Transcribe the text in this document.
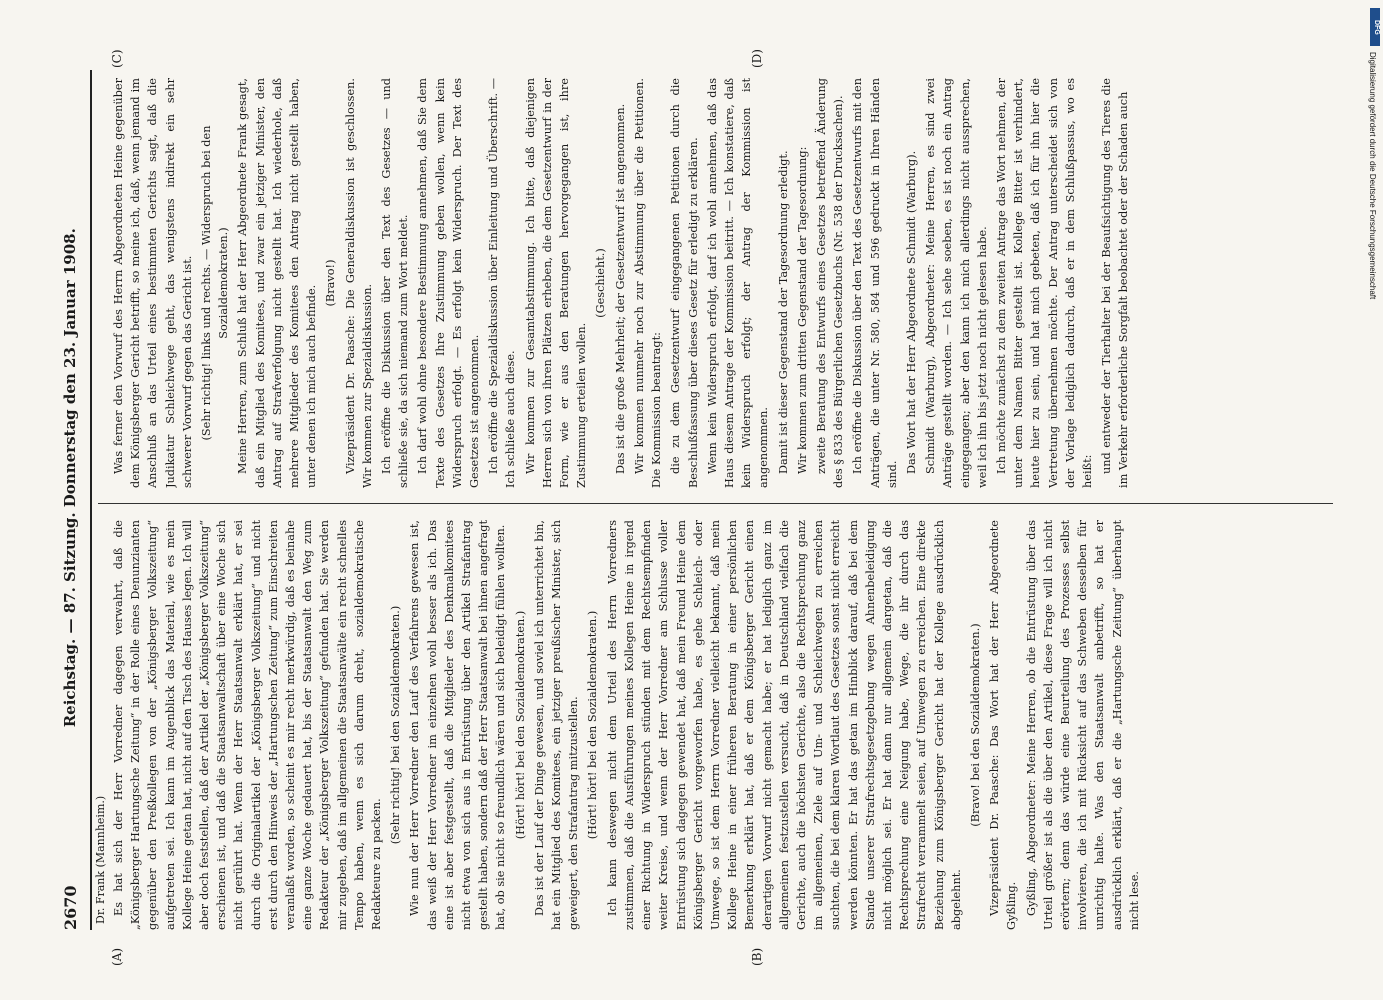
2670
Reichstag. — 87. Sitzung. Donnerstag den 23. Januar 1908.
Dr. Frank (Mannheim.)
(A)	(B)
(C)	(D)

Es hat sich der Herr Vorredner dagegen verwahrt, daß die „Königsberger Hartungsche Zeitung“ in der Rolle eines Denunzianten gegenüber den Preßkollegen von der „Königsberger Volkszeitung“ aufgetreten sei. Ich kann im Augenblick das Material, wie es mein Kollege Heine getan hat, nicht auf den Tisch des Hauses legen. Ich will aber doch feststellen, daß der Artikel der „Königsberger Volkszeitung“ erschienen ist, und daß die Staatsanwaltschaft über eine Woche sich nicht gerührt hat. Wenn der Herr Staatsanwalt erklärt hat, er sei durch die Originalartikel der „Königsberger Volkszeitung“ und nicht erst durch den Hinweis der „Hartungschen Zeitung“ zum Einschreiten veranlaßt worden, so scheint es mir recht merkwürdig, daß es beinahe eine ganze Woche gedauert hat, bis der Staatsanwalt den Weg zum Redakteur der „Königsberger Volkszeitung“ gefunden hat. Sie werden mir zugeben, daß im allgemeinen die Staatsanwälte ein recht schnelles Tempo haben, wenn es sich darum dreht, sozialdemokratische Redakteure zu packen.

(Sehr richtig! bei den Sozialdemokraten.) Wie nun der Herr Vorredner den Lauf des Verfahrens gewesen ist, das weiß der Herr Vorredner im einzelnen wohl besser als ich. Das eine ist aber festgestellt, daß die Mitglieder des Denkmalkomitees nicht etwa von sich aus in Entrüstung über den Artikel Strafantrag gestellt haben, sondern daß der Herr Staatsanwalt bei ihnen angefragt hat, ob sie nicht so freundlich wären und sich beleidigt fühlen wollten. (Hört! hört! bei den Sozialdemokraten.) Das ist der Lauf der Dinge gewesen, und soviel ich unterrichtet bin, hat ein Mitglied des Komitees, ein jetziger preußischer Minister, sich geweigert, den Strafantrag mitzustellen. (Hört! hört! bei den Sozialdemokraten.) Ich kann deswegen nicht dem Urteil des Herrn Vorredners zustimmen, daß die Ausführungen meines Kollegen Heine in irgend einer Richtung in Widerspruch stünden mit dem Rechtsempfinden weiter Kreise, und wenn der Herr Vorredner am Schlusse voller Entrüstung sich dagegen gewendet hat, daß mein Freund Heine dem Königsberger Gericht vorgeworfen habe, es gehe Schleich- oder Umwege, so ist dem Herrn Vorredner vielleicht bekannt, daß mein Kollege Heine in einer früheren Beratung in einer persönlichen Bemerkung erklärt hat, daß er dem Königsberger Gericht einen derartigen Vorwurf nicht gemacht habe; er hat lediglich ganz im allgemeinen festzustellen versucht, daß in Deutschland vielfach die Gerichte, auch die höchsten Gerichte, also die Rechtsprechung ganz im allgemeinen, Ziele auf Um- und Schleichwegen zu erreichen suchten, die bei dem klaren Wortlaut des Gesetzes sonst nicht erreicht werden könnten. Er hat das getan im Hinblick darauf, daß bei dem Stande unserer Strafrechtsgesetzgebung wegen Ahnenbeleidigung nicht möglich sei. Er hat dann nur allgemein dargetan, daß die Rechtsprechung eine Neigung habe, Wege, die ihr durch das Strafrecht verrammelt seien, auf Umwegen zu erreichen. Eine direkte Beziehung zum Königsberger Gericht hat der Kollege ausdrücklich abgelehnt.

(Bravo! bei den Sozialdemokraten.) Vizepräsident Dr. Paasche: Das Wort hat der Herr Abgeordnete Gyßling. Gyßling, Abgeordneter: Meine Herren, ob die Entrüstung über das Urteil größer ist als die über den Artikel, diese Frage will ich nicht erörtern; denn das würde eine Beurteilung des Prozesses selbst involvieren, die ich mit Rücksicht auf das Schweben desselben für unrichtig halte. Was den Staatsanwalt anbetrifft, so hat er ausdrücklich erklärt, daß er die „Hartungsche Zeitung“ überhaupt nicht lese.

Was ferner den Vorwurf des Herrn Abgeordneten Heine gegenüber dem Königsberger Gericht betrifft, so meine ich, daß, wenn jemand im Anschluß an das Urteil eines bestimmten Gerichts sagt, daß die Judikatur Schleichwege geht, das wenigstens indirekt ein sehr schwerer Vorwurf gegen das Gericht ist. (Sehr richtig! links und rechts. — Widerspruch bei den Sozialdemokraten.) Meine Herren, zum Schluß hat der Herr Abgeordnete Frank gesagt, daß ein Mitglied des Komitees, und zwar ein jetziger Minister, den Antrag auf Strafverfolgung nicht gestellt hat. Ich wiederhole, daß mehrere Mitglieder des Komitees den Antrag nicht gestellt haben, unter denen ich mich auch befinde.

(Bravo!) Vizepräsident Dr. Paasche: Die Generaldiskussion ist geschlossen. Wir kommen zur Spezialdiskussion. Ich eröffne die Diskussion über den Text des Gesetzes — und schließe sie, da sich niemand zum Wort meldet. Ich darf wohl ohne besondere Bestimmung annehmen, daß Sie dem Texte des Gesetzes Ihre Zustimmung geben wollen, wenn kein Widerspruch erfolgt. — Es erfolgt kein Widerspruch. Der Text des Gesetzes ist angenommen. Ich eröffne die Spezialdiskussion über Einleitung und Überschrift. — Ich schließe auch diese. Wir kommen zur Gesamtabstimmung. Ich bitte, daß diejenigen Herren sich von ihren Plätzen erheben, die dem Gesetzentwurf in der Form, wie er aus den Beratungen hervorgegangen ist, ihre Zustimmung erteilen wollen.

(Geschieht.) Das ist die große Mehrheit; der Gesetzentwurf ist angenommen. Wir kommen nunmehr noch zur Abstimmung über die Petitionen. Die Kommission beantragt: die zu dem Gesetzentwurf eingegangenen Petitionen durch die Beschlußfassung über dieses Gesetz für erledigt zu erklären. Wenn kein Widerspruch erfolgt, darf ich wohl annehmen, daß das Haus diesem Antrage der Kommission beitritt. — Ich konstatiere, daß kein Widerspruch erfolgt; der Antrag der Kommission ist angenommen. Damit ist dieser Gegenstand der Tagesordnung erledigt. Wir kommen zum dritten Gegenstand der Tagesordnung: zweite Beratung des Entwurfs eines Gesetzes betreffend Änderung des § 833 des Bürgerlichen Gesetzbuchs (Nr. 538 der Drucksachen). Ich eröffne die Diskussion über den Text des Gesetzentwurfs mit den Anträgen, die unter Nr. 580, 584 und 596 gedruckt in Ihren Händen sind.

Das Wort hat der Herr Abgeordnete Schmidt (Warburg). Schmidt (Warburg), Abgeordneter: Meine Herren, es sind zwei Anträge gestellt worden. — Ich sehe soeben, es ist noch ein Antrag eingegangen; aber den kann ich mich allerdings nicht aussprechen, weil ich ihn bis jetzt noch nicht gelesen habe. Ich möchte zunächst zu dem zweiten Antrage das Wort nehmen, der unter dem Namen Bitter gestellt ist. Kollege Bitter ist verhindert, heute hier zu sein, und hat mich gebeten, daß ich für ihn hier die Vertretung übernehmen möchte. Der Antrag unterscheidet sich von der Vorlage lediglich dadurch, daß er in dem Schlußpassus, wo es heißt: und entweder der Tierhalter bei der Beaufsichtigung des Tieres die im Verkehr erforderliche Sorgfalt beobachtet oder der Schaden auch

DFG
Digitalisierung gefördert durch die Deutsche Forschungsgemeinschaft
